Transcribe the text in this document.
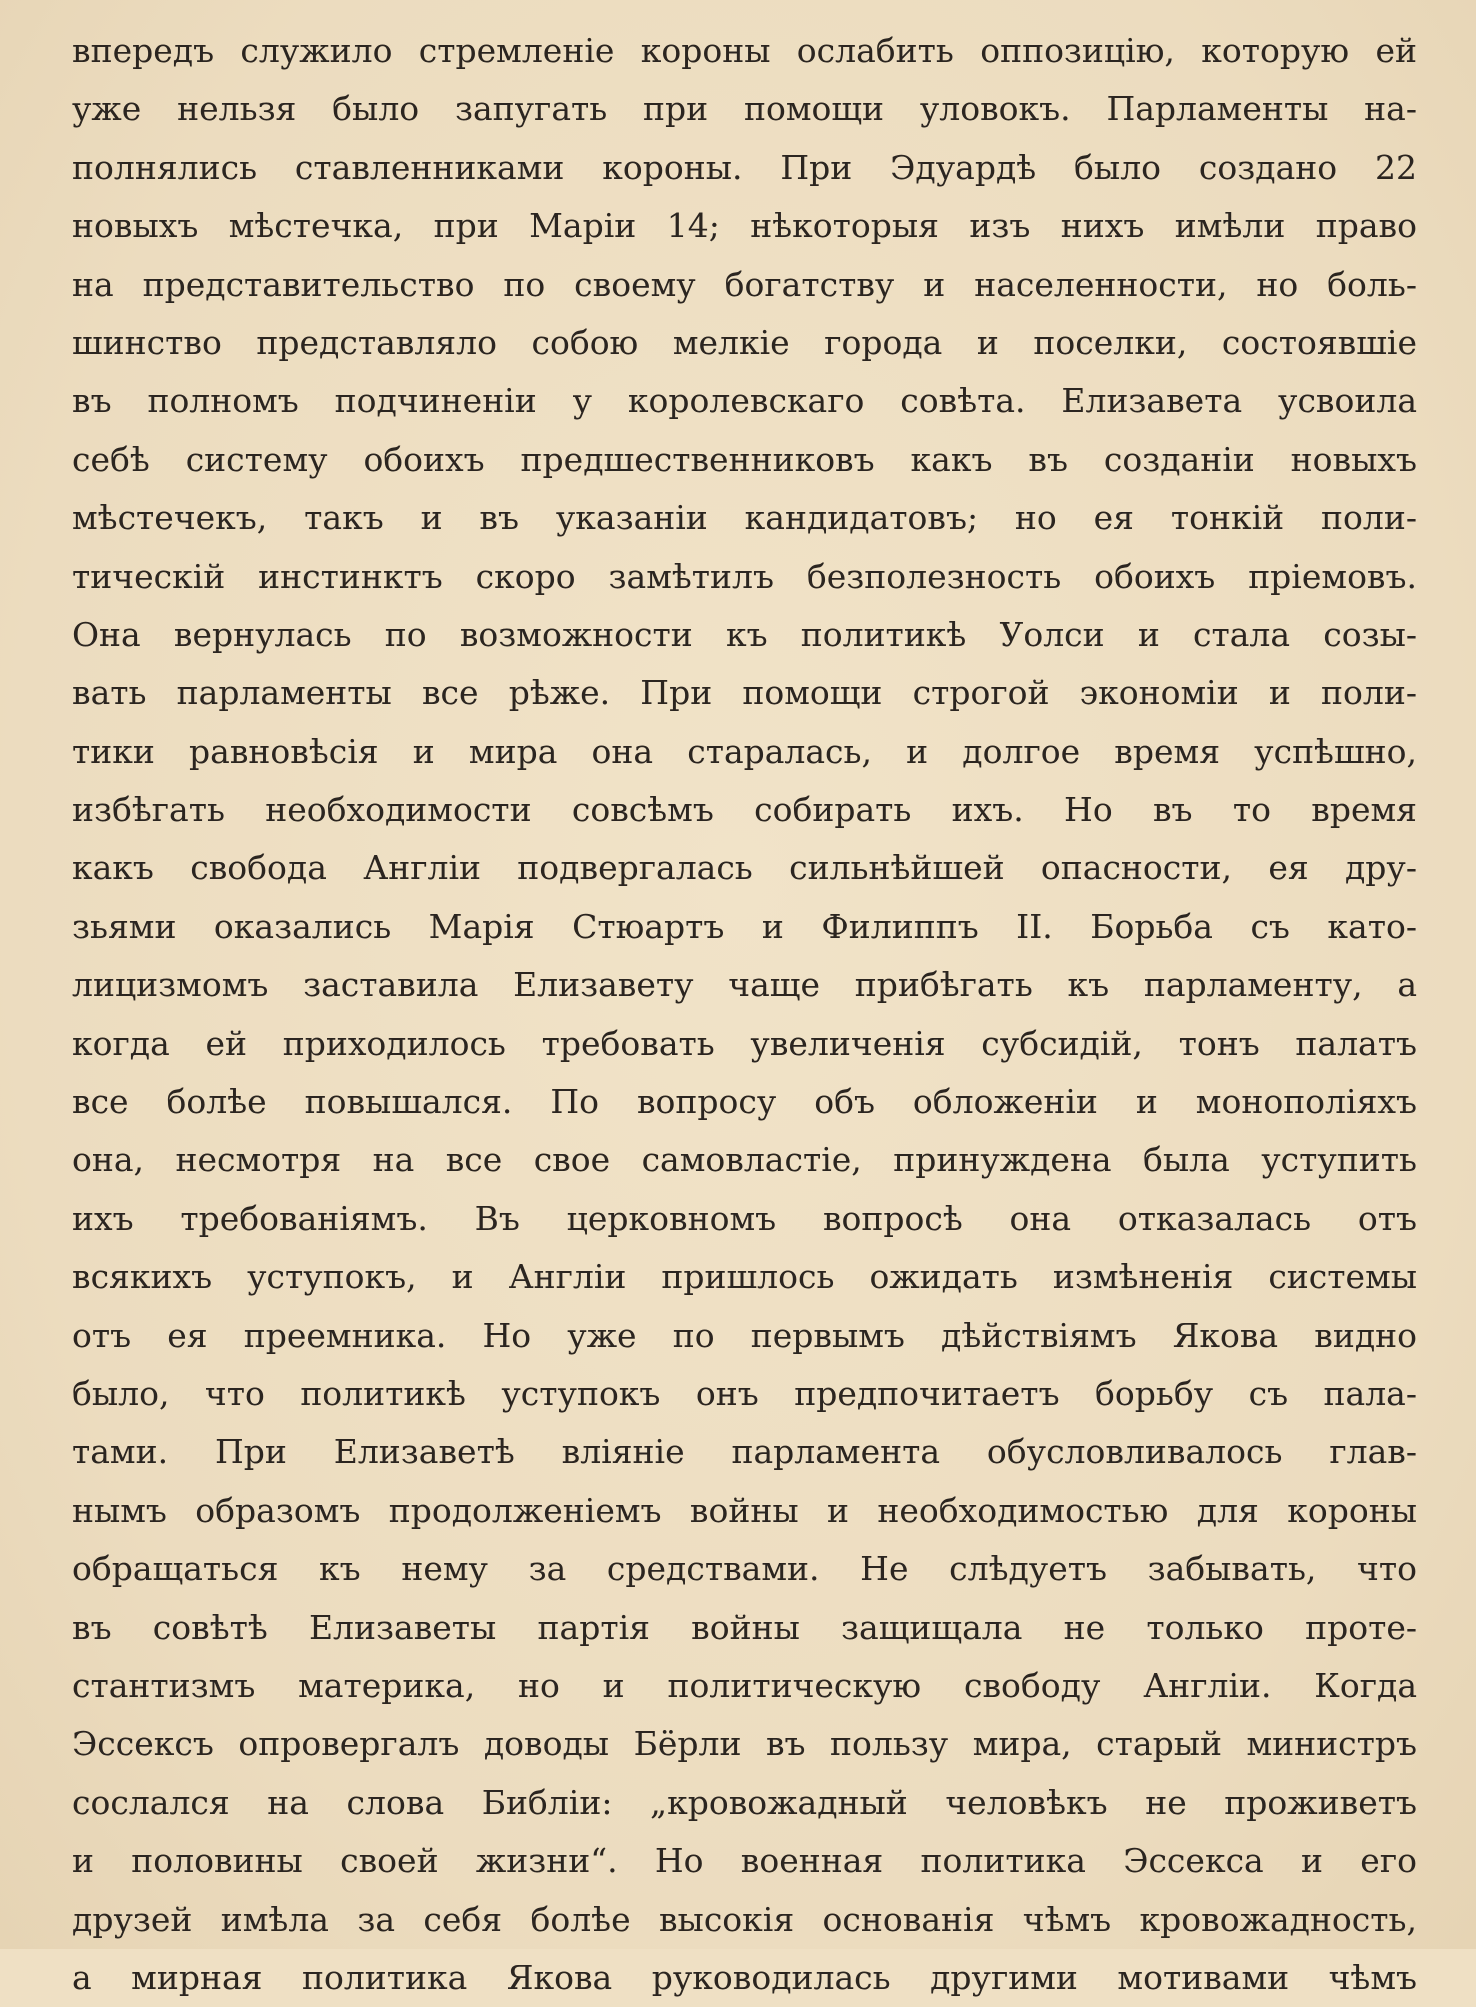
впередъ служило стремленіе короны ослабить оппозицію, которую ей
уже нельзя было запугать при помощи уловокъ. Парламенты на-
полнялись ставленниками короны. При Эдуардѣ было создано 22
новыхъ мѣстечка, при Маріи 14; нѣкоторыя изъ нихъ имѣли право
на представительство по своему богатству и населенности, но боль-
шинство представляло собою мелкіе города и поселки, состоявшіе
въ полномъ подчиненіи у королевскаго совѣта. Елизавета усвоила
себѣ систему обоихъ предшественниковъ какъ въ созданіи новыхъ
мѣстечекъ, такъ и въ указаніи кандидатовъ; но ея тонкій поли-
тическій инстинктъ скоро замѣтилъ безполезность обоихъ пріемовъ.
Она вернулась по возможности къ политикѣ Уолси и стала созы-
вать парламенты все рѣже. При помощи строгой экономіи и поли-
тики равновѣсія и мира она старалась, и долгое время успѣшно,
избѣгать необходимости совсѣмъ собирать ихъ. Но въ то время
какъ свобода Англіи подвергалась сильнѣйшей опасности, ея дру-
зьями оказались Марія Стюартъ и Филиппъ II. Борьба съ като-
лицизмомъ заставила Елизавету чаще прибѣгать къ парламенту, а
когда ей приходилось требовать увеличенія субсидій, тонъ палатъ
все болѣе повышался. По вопросу объ обложеніи и монополіяхъ
она, несмотря на все свое самовластіе, принуждена была уступить
ихъ требованіямъ. Въ церковномъ вопросѣ она отказалась отъ
всякихъ уступокъ, и Англіи пришлось ожидать измѣненія системы
отъ ея преемника. Но уже по первымъ дѣйствіямъ Якова видно
было, что политикѣ уступокъ онъ предпочитаетъ борьбу съ пала-
тами. При Елизаветѣ вліяніе парламента обусловливалось глав-
нымъ образомъ продолженіемъ войны и необходимостью для короны
обращаться къ нему за средствами. Не слѣдуетъ забывать, что
въ совѣтѣ Елизаветы партія войны защищала не только проте-
стантизмъ материка, но и политическую свободу Англіи. Когда
Эссексъ опровергалъ доводы Бёрли въ пользу мира, старый министръ
сослался на слова Библіи: „кровожадный человѣкъ не проживетъ
и половины своей жизни“. Но военная политика Эссекса и его
друзей имѣла за себя болѣе высокія основанія чѣмъ кровожадность,
а мирная политика Якова руководилась другими мотивами чѣмъ
